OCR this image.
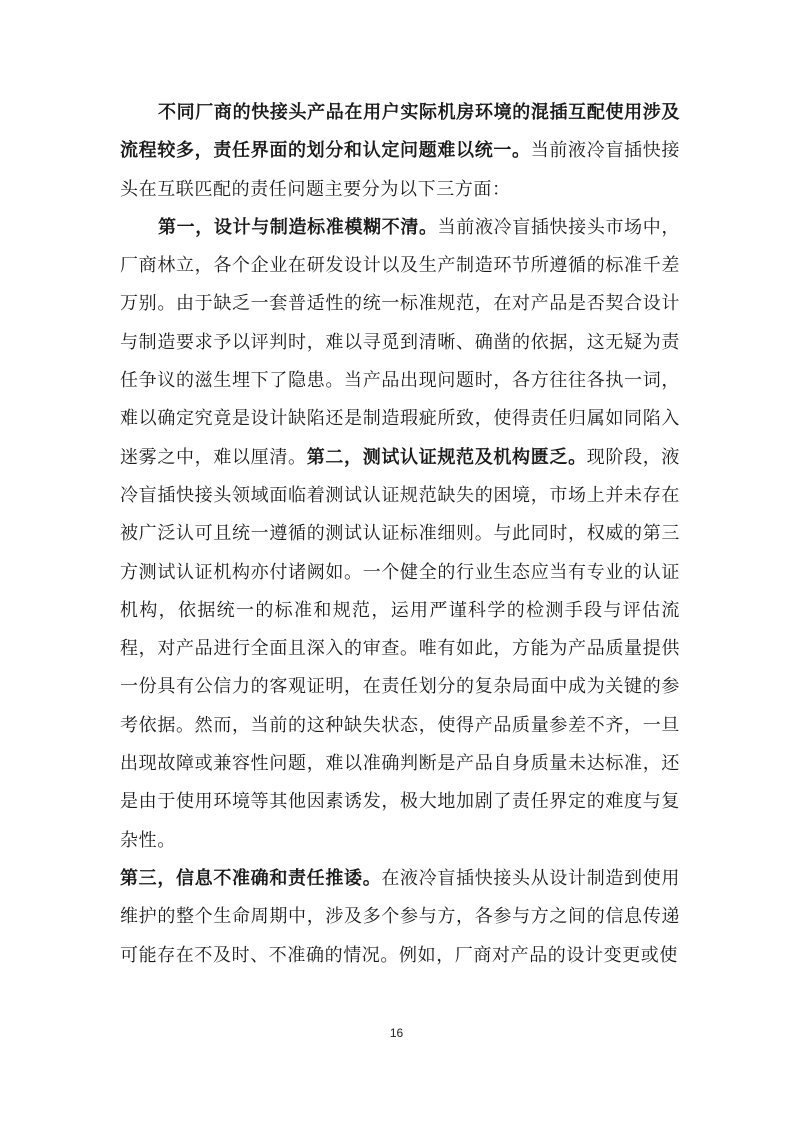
不同厂商的快接头产品在用户实际机房环境的混插互配使用涉及流程较多，责任界面的划分和认定问题难以统一。当前液冷盲插快接头在互联匹配的责任问题主要分为以下三方面：

第一，设计与制造标准模糊不清。当前液冷盲插快接头市场中，厂商林立，各个企业在研发设计以及生产制造环节所遵循的标准千差万别。由于缺乏一套普适性的统一标准规范，在对产品是否契合设计与制造要求予以评判时，难以寻觅到清晰、确凿的依据，这无疑为责任争议的滋生埋下了隐患。当产品出现问题时，各方往往各执一词，难以确定究竟是设计缺陷还是制造瑕疵所致，使得责任归属如同陷入迷雾之中，难以厘清。第二，测试认证规范及机构匮乏。现阶段，液冷盲插快接头领域面临着测试认证规范缺失的困境，市场上并未存在被广泛认可且统一遵循的测试认证标准细则。与此同时，权威的第三方测试认证机构亦付诸阙如。一个健全的行业生态应当有专业的认证机构，依据统一的标准和规范，运用严谨科学的检测手段与评估流程，对产品进行全面且深入的审查。唯有如此，方能为产品质量提供一份具有公信力的客观证明，在责任划分的复杂局面中成为关键的参考依据。然而，当前的这种缺失状态，使得产品质量参差不齐，一旦出现故障或兼容性问题，难以准确判断是产品自身质量未达标准，还是由于使用环境等其他因素诱发，极大地加剧了责任界定的难度与复杂性。

第三，信息不准确和责任推诿。在液冷盲插快接头从设计制造到使用维护的整个生命周期中，涉及多个参与方，各参与方之间的信息传递可能存在不及时、不准确的情况。例如，厂商对产品的设计变更或使

16
